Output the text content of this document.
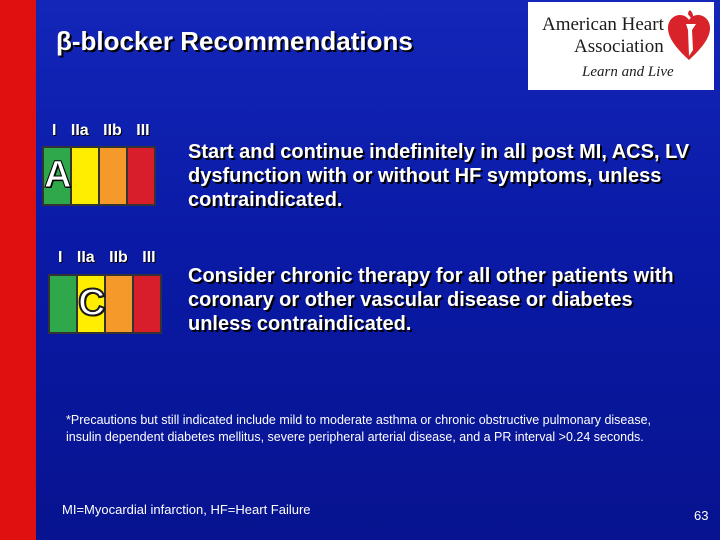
β-blocker Recommendations
American Heart
Association
Learn and Live
I IIa IIb III
A
Start and continue indefinitely in all post MI, ACS, LV dysfunction with or without HF symptoms, unless contraindicated.
I IIa IIb III
C
Consider chronic therapy for all other patients with coronary or other vascular disease or diabetes unless contraindicated.
*Precautions but still indicated include mild to moderate asthma or chronic obstructive pulmonary disease, insulin dependent diabetes mellitus, severe peripheral arterial disease, and a PR interval >0.24 seconds.
MI=Myocardial infarction, HF=Heart Failure	63
